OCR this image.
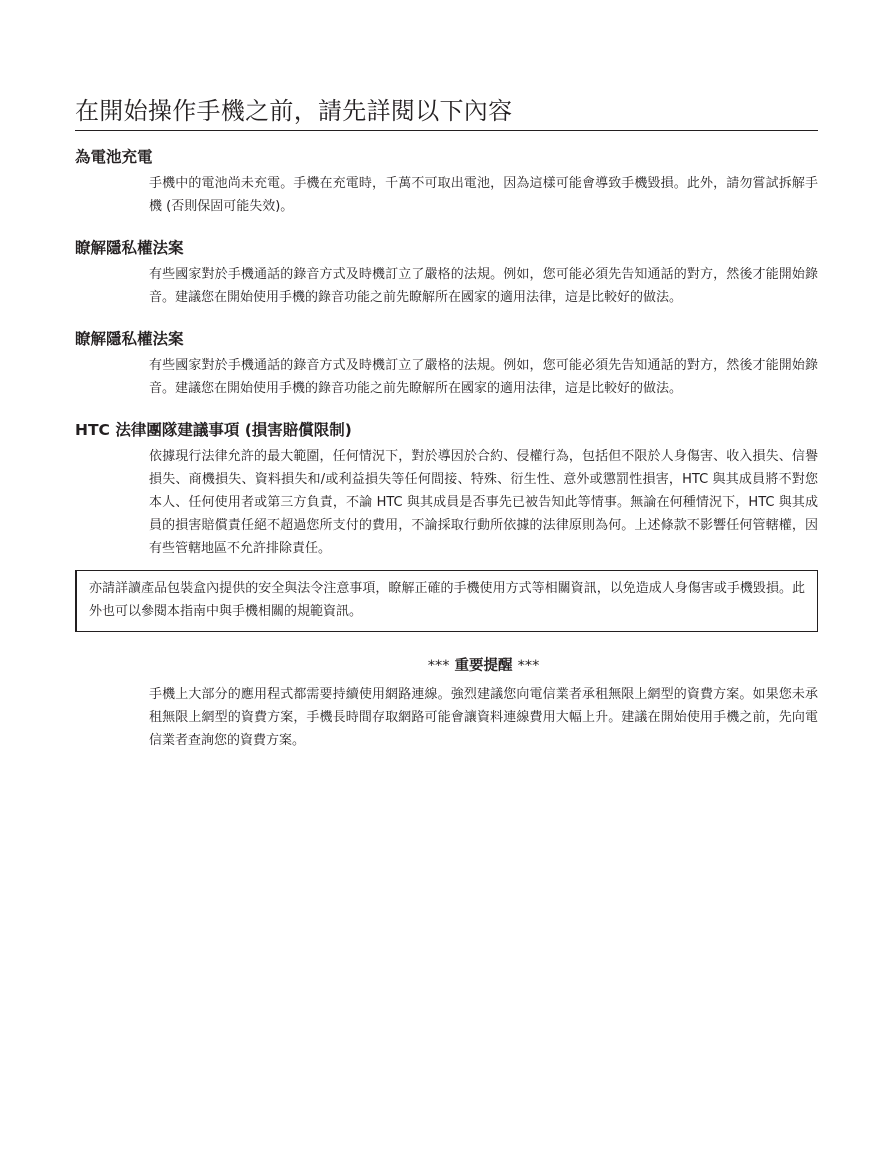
在開始操作手機之前，請先詳閱以下內容
為電池充電

手機中的電池尚未充電。手機在充電時，千萬不可取出電池，因為這樣可能會導致手機毀損。此外，請勿嘗試拆解手機 (否則保固可能失效)。

瞭解隱私權法案

有些國家對於手機通話的錄音方式及時機訂立了嚴格的法規。例如，您可能必須先告知通話的對方，然後才能開始錄音。建議您在開始使用手機的錄音功能之前先瞭解所在國家的適用法律，這是比較好的做法。

瞭解隱私權法案

有些國家對於手機通話的錄音方式及時機訂立了嚴格的法規。例如，您可能必須先告知通話的對方，然後才能開始錄音。建議您在開始使用手機的錄音功能之前先瞭解所在國家的適用法律，這是比較好的做法。

HTC 法律團隊建議事項 (損害賠償限制)

依據現行法律允許的最大範圍，任何情況下，對於導因於合約、侵權行為，包括但不限於人身傷害、收入損失、信譽損失、商機損失、資料損失和/或利益損失等任何間接、特殊、衍生性、意外或懲罰性損害，HTC 與其成員將不對您本人、任何使用者或第三方負責，不論 HTC 與其成員是否事先已被告知此等情事。無論在何種情況下，HTC 與其成員的損害賠償責任絕不超過您所支付的費用，不論採取行動所依據的法律原則為何。上述條款不影響任何管轄權，因有些管轄地區不允許排除責任。

亦請詳讀產品包裝盒內提供的安全與法令注意事項，瞭解正確的手機使用方式等相關資訊，以免造成人身傷害或手機毀損。此外也可以參閱本指南中與手機相關的規範資訊。
*** 重要提醒 ***

手機上大部分的應用程式都需要持續使用網路連線。強烈建議您向電信業者承租無限上網型的資費方案。如果您未承租無限上網型的資費方案，手機長時間存取網路可能會讓資料連線費用大幅上升。建議在開始使用手機之前，先向電信業者查詢您的資費方案。
